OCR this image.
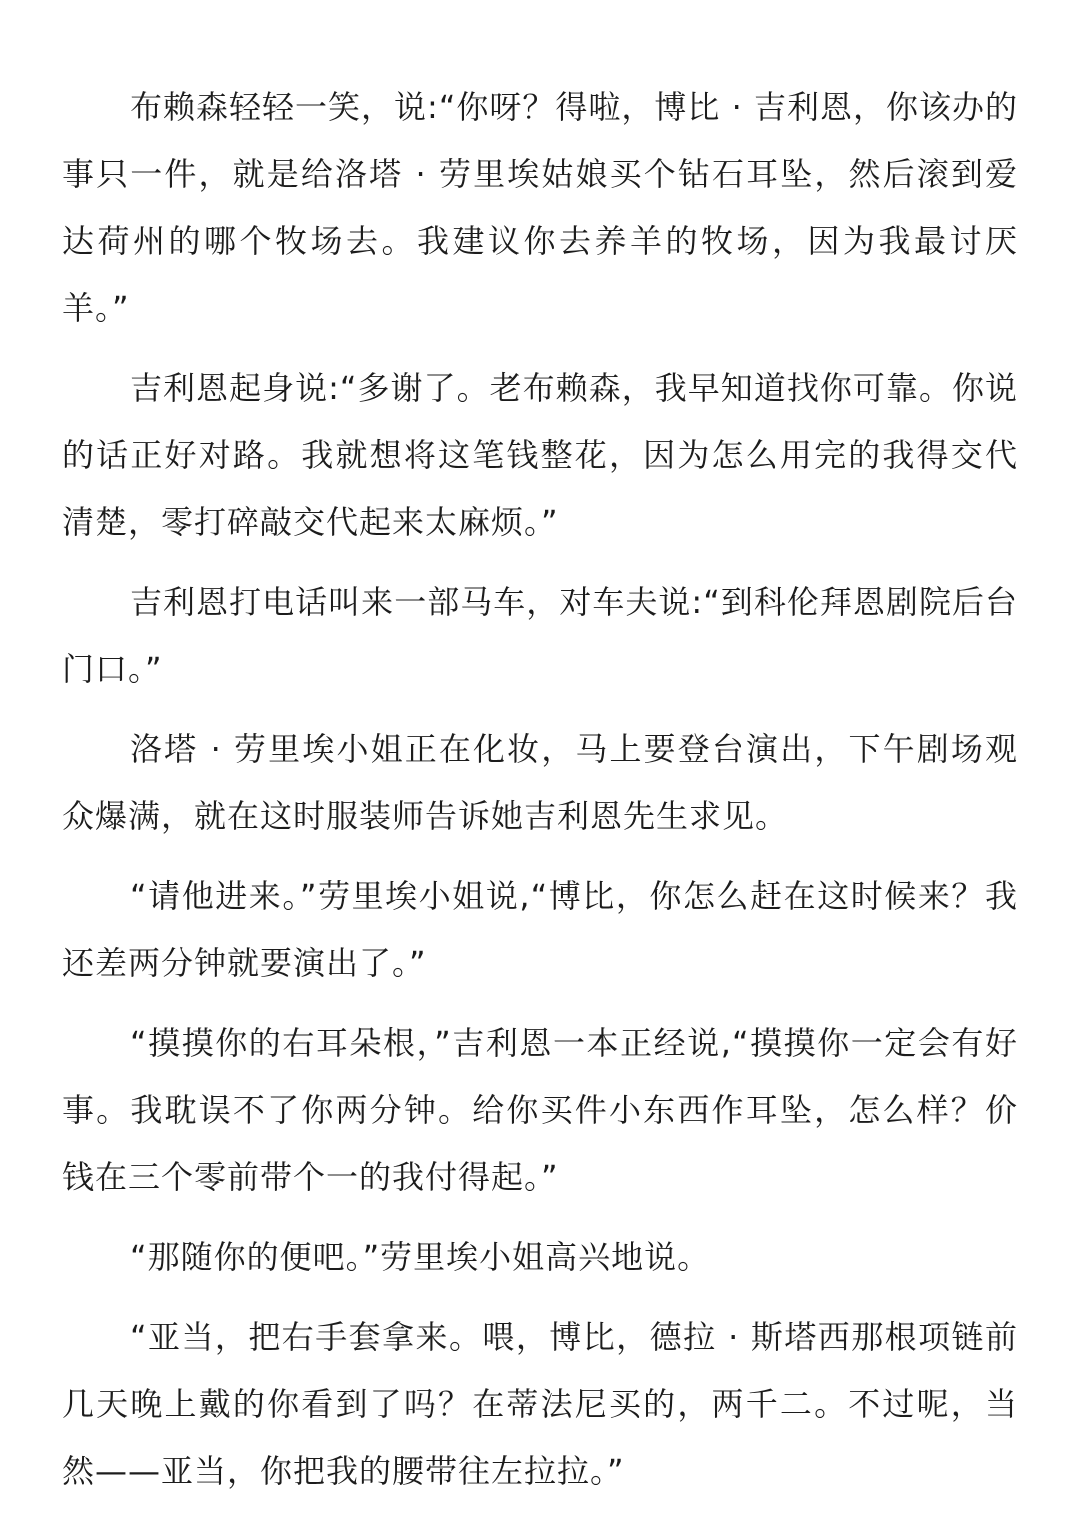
布赖森轻轻一笑，说:“你呀？得啦，博比 · 吉利恩，你该办的事只一件，就是给洛塔 · 劳里埃姑娘买个钻石耳坠，然后滚到爱达荷州的哪个牧场去。我建议你去养羊的牧场，因为我最讨厌羊。”

吉利恩起身说:“多谢了。老布赖森，我早知道找你可靠。你说的话正好对路。我就想将这笔钱整花，因为怎么用完的我得交代清楚，零打碎敲交代起来太麻烦。”

吉利恩打电话叫来一部马车，对车夫说:“到科伦拜恩剧院后台门口。”

洛塔 · 劳里埃小姐正在化妆，马上要登台演出，下午剧场观众爆满，就在这时服装师告诉她吉利恩先生求见。

“请他进来。”劳里埃小姐说,“博比，你怎么赶在这时候来？我还差两分钟就要演出了。”

“摸摸你的右耳朵根，”吉利恩一本正经说,“摸摸你一定会有好事。我耽误不了你两分钟。给你买件小东西作耳坠，怎么样？价钱在三个零前带个一的我付得起。”

“那随你的便吧。”劳里埃小姐高兴地说。

“亚当，把右手套拿来。喂，博比，德拉 · 斯塔西那根项链前几天晚上戴的你看到了吗？在蒂法尼买的，两千二。不过呢，当然——亚当，你把我的腰带往左拉拉。”
